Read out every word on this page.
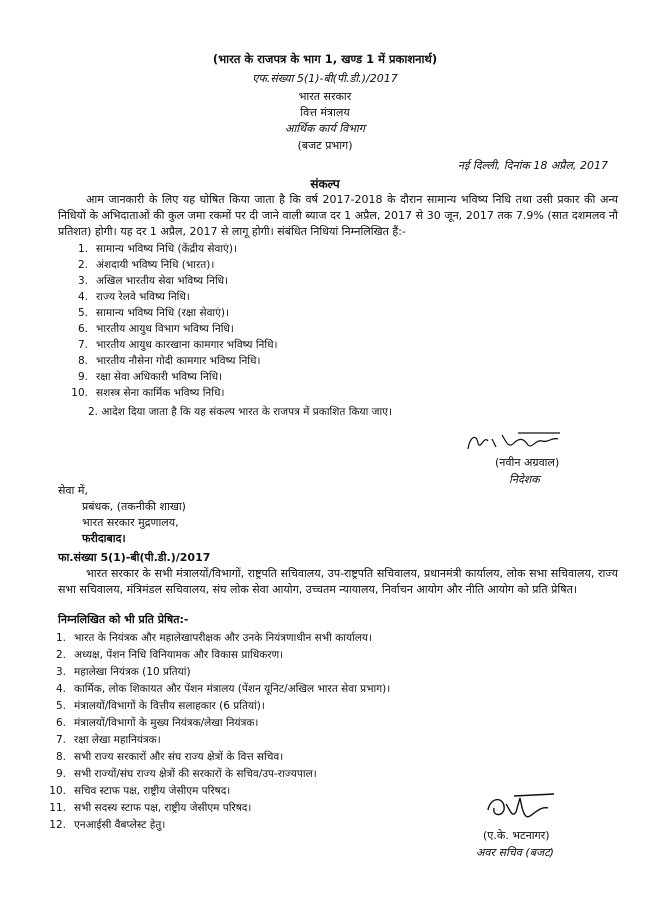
(भारत के राजपत्र के भाग 1, खण्ड 1 में प्रकाशनार्थ)
एफ.संख्या 5(1)-बी(पी.डी.)/2017
भारत सरकार
वित्त मंत्रालय
आर्थिक कार्य विभाग
(बजट प्रभाग)
नई दिल्ली, दिनांक 18 अप्रैल, 2017
संकल्प
आम जानकारी के लिए यह घोषित किया जाता है कि वर्ष 2017-2018 के दौरान सामान्य भविष्य निधि तथा उसी प्रकार की अन्य निधियों के अभिदाताओं की कुल जमा रकमों पर दी जाने वाली ब्याज दर 1 अप्रैल, 2017 से 30 जून, 2017 तक 7.9% (सात दशमलव नौ प्रतिशत) होगी। यह दर 1 अप्रैल, 2017 से लागू होगी। संबंधित निधियां निम्नलिखित हैं:-
1. सामान्य भविष्य निधि (केंद्रीय सेवाएं)।
2. अंशदायी भविष्य निधि (भारत)।
3. अखिल भारतीय सेवा भविष्य निधि।
4. राज्य रेलवे भविष्य निधि।
5. सामान्य भविष्य निधि (रक्षा सेवाएं)।
6. भारतीय आयुध विभाग भविष्य निधि।
7. भारतीय आयुध कारखाना कामगार भविष्य निधि।
8. भारतीय नौसेना गोदी कामगार भविष्य निधि।
9. रक्षा सेवा अधिकारी भविष्य निधि।
10. सशस्त्र सेना कार्मिक भविष्य निधि।
2. आदेश दिया जाता है कि यह संकल्प भारत के राजपत्र में प्रकाशित किया जाए।
(नवीन अग्रवाल)
निदेशक
सेवा में,
प्रबंधक, (तकनीकी शाखा)
भारत सरकार मुद्रणालय,
फरीदाबाद।
फा.संख्या 5(1)-बी(पी.डी.)/2017
भारत सरकार के सभी मंत्रालयों/विभागों, राष्ट्रपति सचिवालय, उप-राष्ट्रपति सचिवालय, प्रधानमंत्री कार्यालय, लोक सभा सचिवालय, राज्य सभा सचिवालय, मंत्रिमंडल सचिवालय, संघ लोक सेवा आयोग, उच्चतम न्यायालय, निर्वाचन आयोग और नीति आयोग को प्रति प्रेषित।
निम्नलिखित को भी प्रति प्रेषित:-
1. भारत के नियंत्रक और महालेखापरीक्षक और उनके नियंत्रणाधीन सभी कार्यालय।
2. अध्यक्ष, पेंशन निधि विनियामक और विकास प्राधिकरण।
3. महालेखा नियंत्रक (10 प्रतियां)
4. कार्मिक, लोक शिकायत और पेंशन मंत्रालय (पेंशन यूनिट/अखिल भारत सेवा प्रभाग)।
5. मंत्रालयों/विभागों के वित्तीय सलाहकार (6 प्रतियां)।
6. मंत्रालयों/विभागों के मुख्य नियंत्रक/लेखा नियंत्रक।
7. रक्षा लेखा महानियंत्रक।
8. सभी राज्य सरकारों और संघ राज्य क्षेत्रों के वित्त सचिव।
9. सभी राज्यों/संघ राज्य क्षेत्रों की सरकारों के सचिव/उप-राज्यपाल।
10. सचिव स्टाफ पक्ष, राष्ट्रीय जेसीएम परिषद।
11. सभी सदस्य स्टाफ पक्ष, राष्ट्रीय जेसीएम परिषद।
12. एनआईसी वैबप्लेस्ट हेतु।
(ए.के. भटनागर)
अवर सचिव (बजट)
